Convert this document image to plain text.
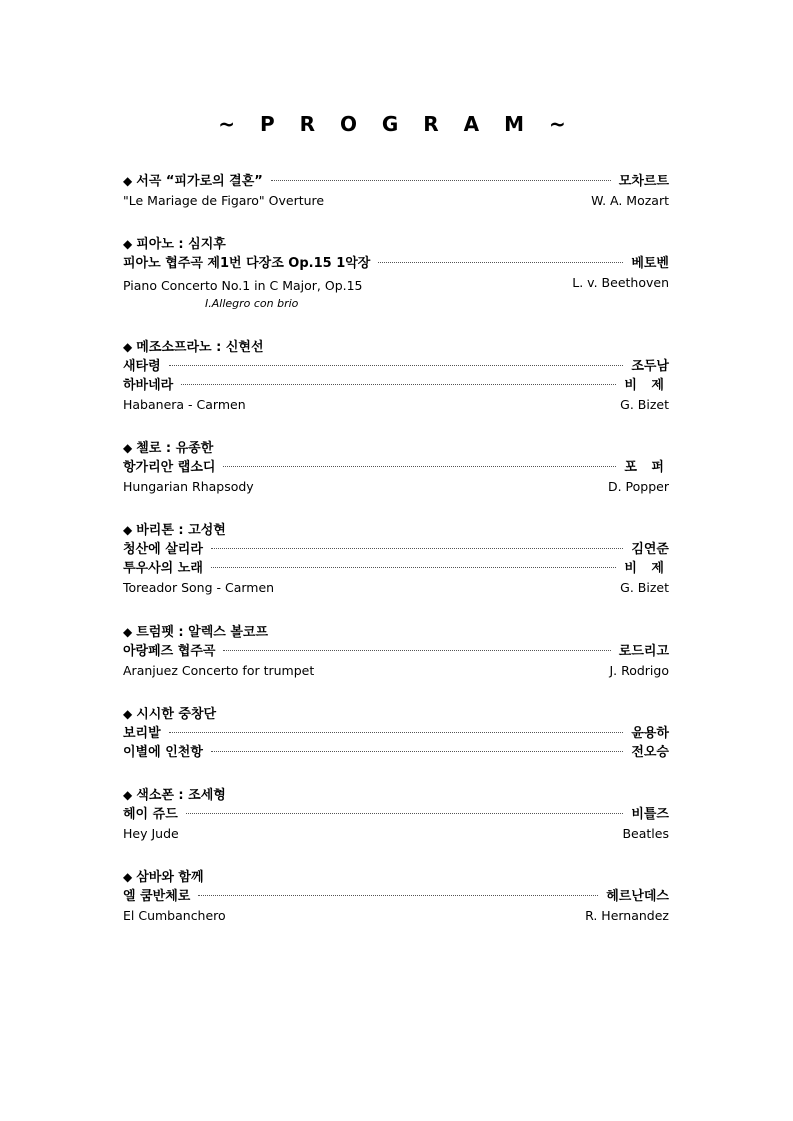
~ P R O G R A M ~
◆ 서곡 “피가로의 결혼”	모차르트
"Le Mariage de Figaro" Overture	W. A. Mozart
◆ 피아노 : 심지후
피아노 협주곡 제1번 다장조 Op.15 1악장	베토벤
Piano Concerto No.1 in C Major, Op.15	L. v. Beethoven
I.Allegro con brio
◆ 메조소프라노 : 신현선
새타령	조두남
하바네라	비 제
Habanera - Carmen	G. Bizet
◆ 첼로 : 유종한
항가리안 랩소디	포 퍼
Hungarian Rhapsody	D. Popper
◆ 바리톤 : 고성현
청산에 살리라	김연준
투우사의 노래	비 제
Toreador Song - Carmen	G. Bizet
◆ 트럼펫 : 알렉스 볼코프
아랑페즈 협주곡	로드리고
Aranjuez Concerto for trumpet	J. Rodrigo
◆ 시시한 중창단
보리밭	윤용하
이별에 인천항	전오승
◆ 색소폰 : 조세형
헤이 쥬드	비틀즈
Hey Jude	Beatles
◆ 삼바와 함께
엘 쿰반체로	헤르난데스
El Cumbanchero	R. Hernandez
